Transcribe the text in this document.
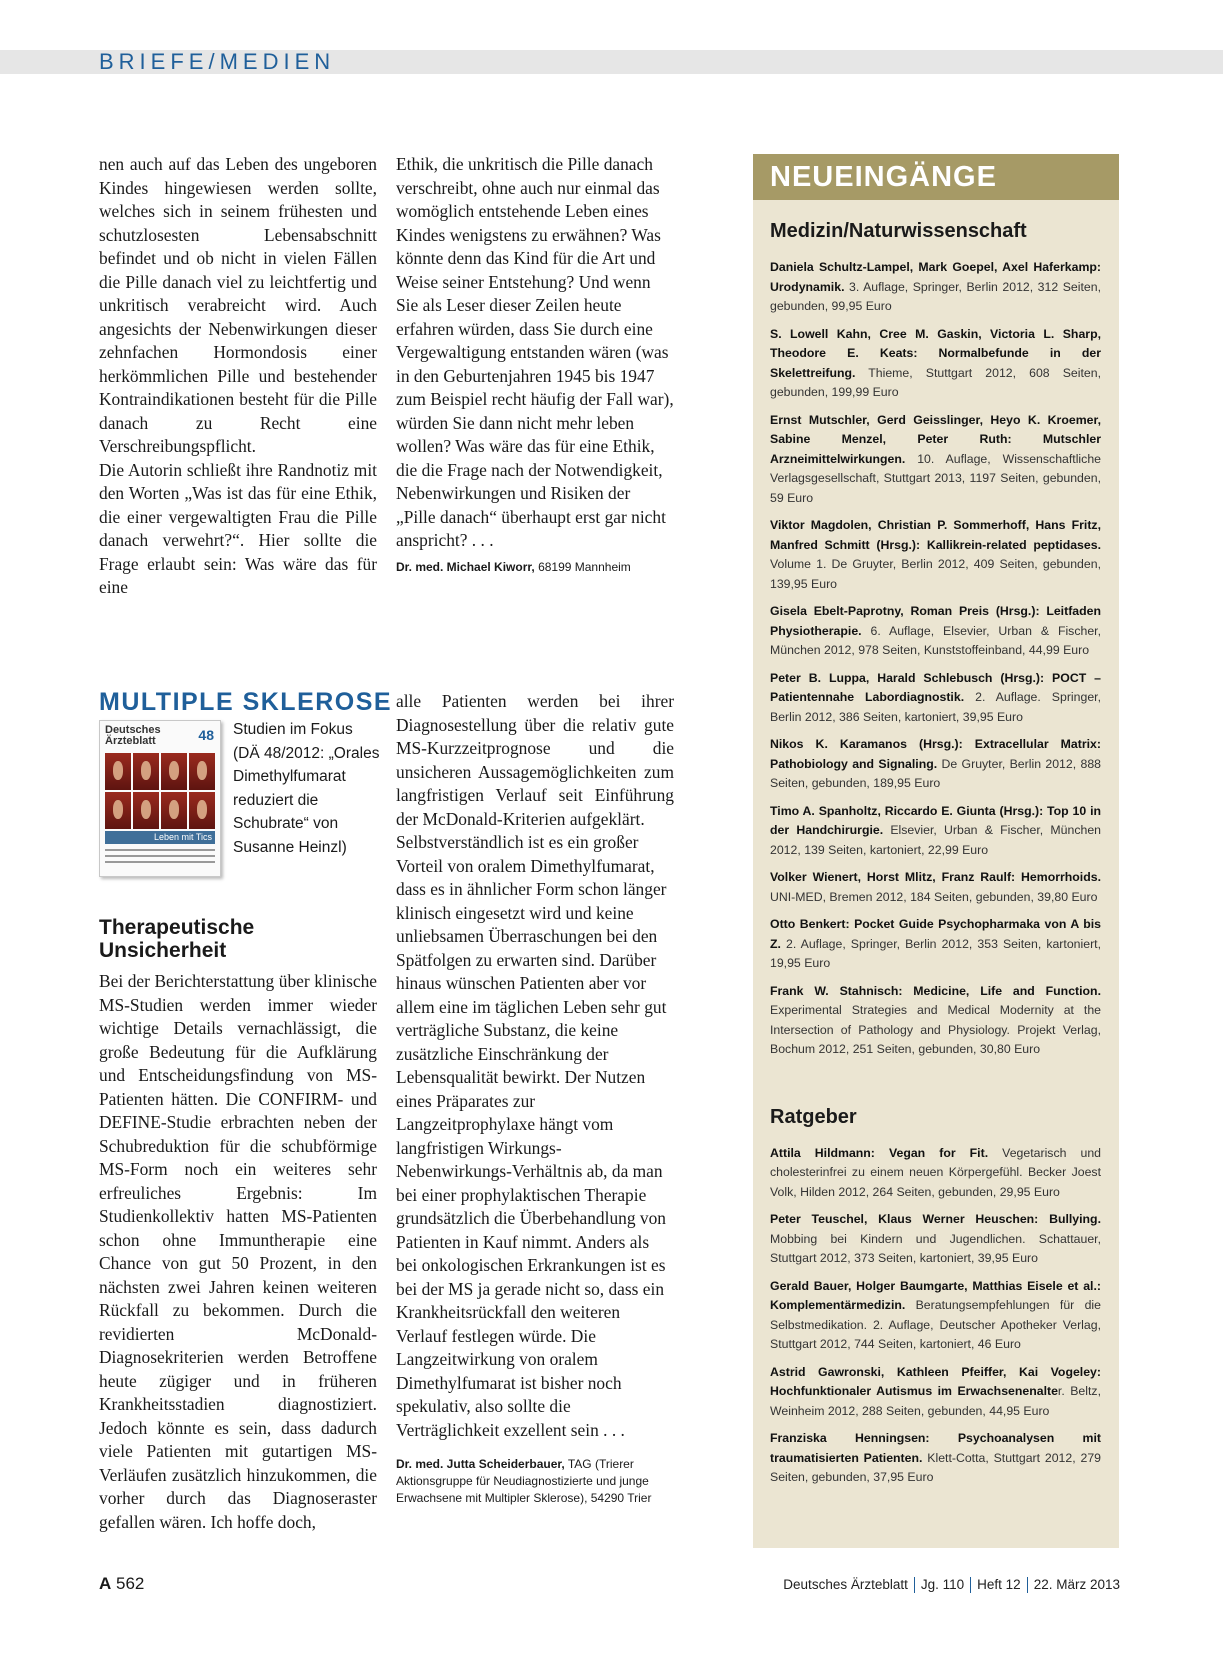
BRIEFE/MEDIEN

nen auch auf das Leben des ungeboren Kindes hingewiesen werden sollte, welches sich in seinem frühesten und schutzlosesten Lebensabschnitt befindet und ob nicht in vielen Fällen die Pille danach viel zu leichtfertig und unkritisch verabreicht wird. Auch angesichts der Nebenwirkungen dieser zehnfachen Hormondosis einer herkömmlichen Pille und bestehender Kontraindikationen besteht für die Pille danach zu Recht eine Verschreibungspflicht.

Die Autorin schließt ihre Randnotiz mit den Worten „Was ist das für eine Ethik, die einer vergewaltigten Frau die Pille danach verwehrt?“. Hier sollte die Frage erlaubt sein: Was wäre das für eine

Ethik, die unkritisch die Pille danach verschreibt, ohne auch nur einmal das womöglich entstehende Leben eines Kindes wenigstens zu erwähnen? Was könnte denn das Kind für die Art und Weise seiner Entstehung? Und wenn Sie als Leser dieser Zeilen heute erfahren würden, dass Sie durch eine Vergewaltigung entstanden wären (was in den Geburtenjahren 1945 bis 1947 zum Beispiel recht häufig der Fall war), würden Sie dann nicht mehr leben wollen? Was wäre das für eine Ethik, die die Frage nach der Notwendigkeit, Nebenwirkungen und Risiken der „Pille danach“ überhaupt erst gar nicht anspricht? . . .

Dr. med. Michael Kiworr, 68199 Mannheim
MULTIPLE SKLEROSE
Deutsches Ärzteblatt	48
Leben mit Tics
Studien im Fokus (DÄ 48/2012: „Orales Dimethylfumarat reduziert die Schubrate“ von Susanne Heinzl)
Therapeutische Unsicherheit

Bei der Berichterstattung über klinische MS-Studien werden immer wieder wichtige Details vernachlässigt, die große Bedeutung für die Aufklärung und Entscheidungsfindung von MS-Patienten hätten. Die CONFIRM- und DEFINE-Studie erbrachten neben der Schubreduktion für die schubförmige MS-Form noch ein weiteres sehr erfreuliches Ergebnis: Im Studienkollektiv hatten MS-Patienten schon ohne Immuntherapie eine Chance von gut 50 Prozent, in den nächsten zwei Jahren keinen weiteren Rückfall zu bekommen. Durch die revidierten McDonald-Diagnosekriterien werden Betroffene heute zügiger und in früheren Krankheitsstadien diagnostiziert. Jedoch könnte es sein, dass dadurch viele Patienten mit gutartigen MS-Verläufen zusätzlich hinzukommen, die vorher durch das Diagnoseraster gefallen wären. Ich hoffe doch,

alle Patienten werden bei ihrer Diagnosestellung über die relativ gute MS-Kurzzeitprognose und die unsicheren Aussagemöglichkeiten zum langfristigen Verlauf seit Einführung der McDonald-Kriterien aufgeklärt.

Selbstverständlich ist es ein großer Vorteil von oralem Dimethylfumarat, dass es in ähnlicher Form schon länger klinisch eingesetzt wird und keine unliebsamen Überraschungen bei den Spätfolgen zu erwarten sind. Darüber hinaus wünschen Patienten aber vor allem eine im täglichen Leben sehr gut verträgliche Substanz, die keine zusätzliche Einschränkung der Lebensqualität bewirkt. Der Nutzen eines Präparates zur Langzeitprophylaxe hängt vom langfristigen Wirkungs-Nebenwirkungs-Verhältnis ab, da man bei einer prophylaktischen Therapie grundsätzlich die Überbehandlung von Patienten in Kauf nimmt. Anders als bei onkologischen Erkrankungen ist es bei der MS ja gerade nicht so, dass ein Krankheitsrückfall den weiteren Verlauf festlegen würde. Die Langzeitwirkung von oralem Dimethylfumarat ist bisher noch spekulativ, also sollte die Verträglichkeit exzellent sein . . .

Dr. med. Jutta Scheiderbauer, TAG (Trierer Aktionsgruppe für Neudiagnostizierte und junge Erwachsene mit Multipler Sklerose), 54290 Trier
NEUEINGÄNGE
Medizin/Naturwissenschaft
Daniela Schultz-Lampel, Mark Goepel, Axel Haferkamp: Urodynamik. 3. Auflage, Springer, Berlin 2012, 312 Seiten, gebunden, 99,95 Euro
S. Lowell Kahn, Cree M. Gaskin, Victoria L. Sharp, Theodore E. Keats: Normalbefunde in der Skelettreifung. Thieme, Stuttgart 2012, 608 Seiten, gebunden, 199,99 Euro
Ernst Mutschler, Gerd Geisslinger, Heyo K. Kroemer, Sabine Menzel, Peter Ruth: Mutschler Arzneimittelwirkungen. 10. Auflage, Wissenschaftliche Verlagsgesellschaft, Stuttgart 2013, 1197 Seiten, gebunden, 59 Euro
Viktor Magdolen, Christian P. Sommerhoff, Hans Fritz, Manfred Schmitt (Hrsg.): Kallikrein-related peptidases. Volume 1. De Gruyter, Berlin 2012, 409 Seiten, gebunden, 139,95 Euro
Gisela Ebelt-Paprotny, Roman Preis (Hrsg.): Leitfaden Physiotherapie. 6. Auflage, Elsevier, Urban & Fischer, München 2012, 978 Seiten, Kunststoffeinband, 44,99 Euro
Peter B. Luppa, Harald Schlebusch (Hrsg.): POCT – Patientennahe Labordiagnostik. 2. Auflage. Springer, Berlin 2012, 386 Seiten, kartoniert, 39,95 Euro
Nikos K. Karamanos (Hrsg.): Extracellular Matrix: Pathobiology and Signaling. De Gruyter, Berlin 2012, 888 Seiten, gebunden, 189,95 Euro
Timo A. Spanholtz, Riccardo E. Giunta (Hrsg.): Top 10 in der Handchirurgie. Elsevier, Urban & Fischer, München 2012, 139 Seiten, kartoniert, 22,99 Euro
Volker Wienert, Horst Mlitz, Franz Raulf: Hemorrhoids. UNI-MED, Bremen 2012, 184 Seiten, gebunden, 39,80 Euro
Otto Benkert: Pocket Guide Psychopharmaka von A bis Z. 2. Auflage, Springer, Berlin 2012, 353 Seiten, kartoniert, 19,95 Euro
Frank W. Stahnisch: Medicine, Life and Function. Experimental Strategies and Medical Modernity at the Intersection of Pathology and Physiology. Projekt Verlag, Bochum 2012, 251 Seiten, gebunden, 30,80 Euro
Ratgeber
Attila Hildmann: Vegan for Fit. Vegetarisch und cholesterinfrei zu einem neuen Körpergefühl. Becker Joest Volk, Hilden 2012, 264 Seiten, gebunden, 29,95 Euro
Peter Teuschel, Klaus Werner Heuschen: Bullying. Mobbing bei Kindern und Jugendlichen. Schattauer, Stuttgart 2012, 373 Seiten, kartoniert, 39,95 Euro
Gerald Bauer, Holger Baumgarte, Matthias Eisele et al.: Komplementärmedizin. Beratungsempfehlungen für die Selbstmedikation. 2. Auflage, Deutscher Apotheker Verlag, Stuttgart 2012, 744 Seiten, kartoniert, 46 Euro
Astrid Gawronski, Kathleen Pfeiffer, Kai Vogeley: Hochfunktionaler Autismus im Erwachsenenalter. Beltz, Weinheim 2012, 288 Seiten, gebunden, 44,95 Euro
Franziska Henningsen: Psychoanalysen mit traumatisierten Patienten. Klett-Cotta, Stuttgart 2012, 279 Seiten, gebunden, 37,95 Euro
A 562	Deutsches Ärzteblatt Jg. 110 Heft 12 22. März 2013
